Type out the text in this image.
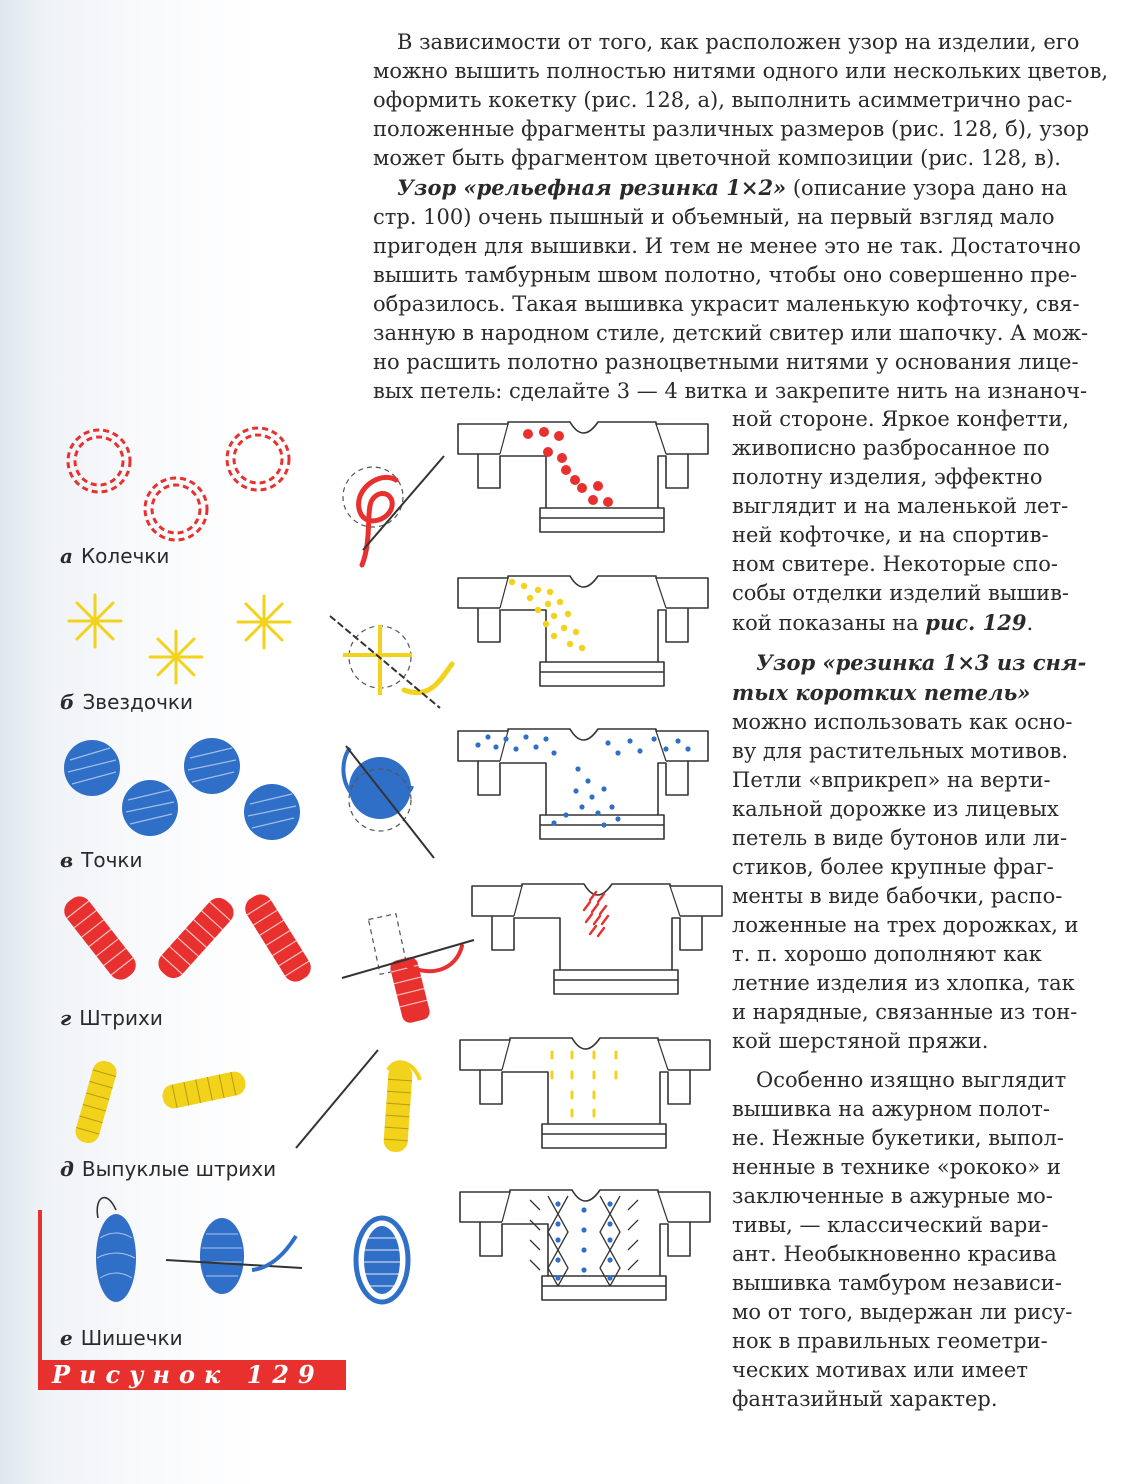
В зависимости от того, как расположен узор на изделии, его
можно вышить полностью нитями одного или нескольких цветов,
оформить кокетку (рис. 128, а), выполнить асимметрично рас-
положенные фрагменты различных размеров (рис. 128, б), узор
может быть фрагментом цветочной композиции (рис. 128, в).
Узор «рельефная резинка 1×2» (описание узора дано на
стр. 100) очень пышный и объемный, на первый взгляд мало
пригоден для вышивки. И тем не менее это не так. Достаточно
вышить тамбурным швом полотно, чтобы оно совершенно пре-
образилось. Такая вышивка украсит маленькую кофточку, свя-
занную в народном стиле, детский свитер или шапочку. А мож-
но расшить полотно разноцветными нитями у основания лице-
вых петель: сделайте 3 — 4 витка и закрепите нить на изнаноч-
ной стороне. Яркое конфетти,
живописно разбросанное по
полотну изделия, эффектно
выглядит и на маленькой лет-
ней кофточке, и на спортив-
ном свитере. Некоторые спо-
собы отделки изделий вышив-
кой показаны на рис. 129.
Узор «резинка 1×3 из сня-
тых коротких петель»
можно использовать как осно-
ву для растительных мотивов.
Петли «вприкреп» на верти-
кальной дорожке из лицевых
петель в виде бутонов или ли-
стиков, более крупные фраг-
менты в виде бабочки, распо-
ложенные на трех дорожках, и
т. п. хорошо дополняют как
летние изделия из хлопка, так
и нарядные, связанные из тон-
кой шерстяной пряжи.
Особенно изящно выглядит
вышивка на ажурном полот-
не. Нежные букетики, выпол-
ненные в технике «рококо» и
заключенные в ажурные мо-
тивы, — классический вари-
ант. Необыкновенно красива
вышивка тамбуром независи-
мо от того, выдержан ли рису-
нок в правильных геометри-
ческих мотивах или имеет
фантазийный характер.
а Колечки
б Звездочки
в Точки
г Штрихи
д Выпуклые штрихи
е Шишечки
Рисунок 129
